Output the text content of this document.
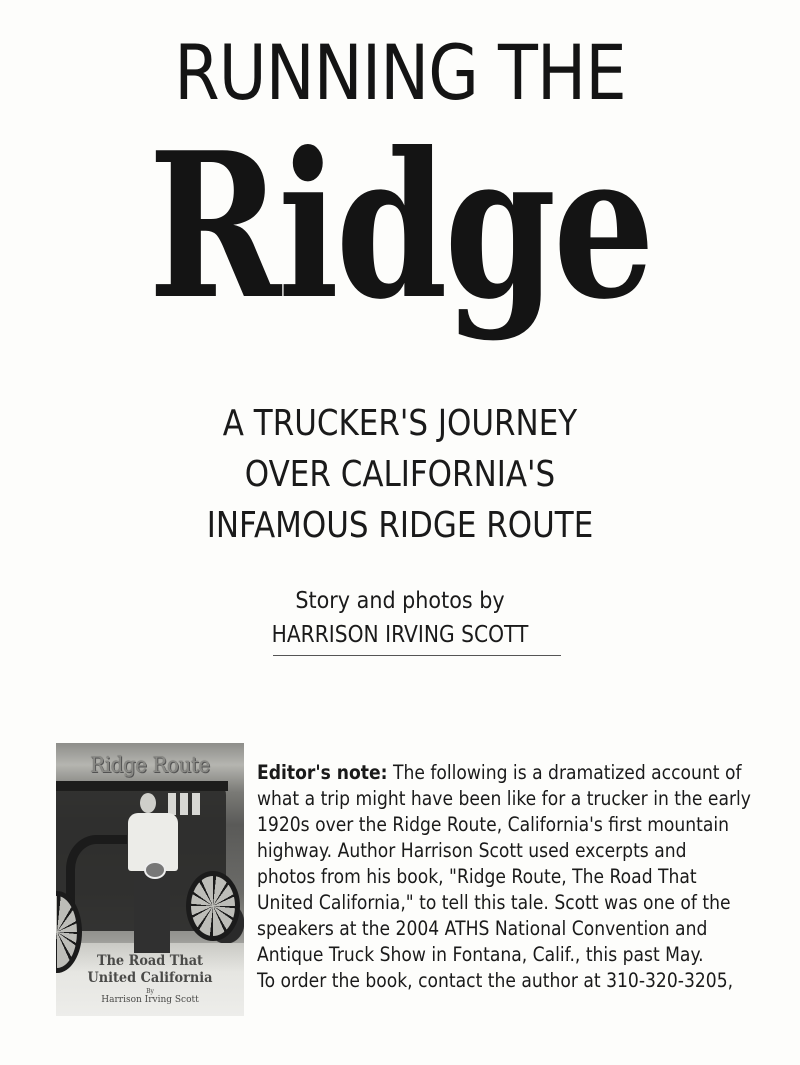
RUNNING THE
Ridge
A TRUCKER'S JOURNEY
OVER CALIFORNIA'S
INFAMOUS RIDGE ROUTE
Story and photos by
HARRISON IRVING SCOTT
Ridge Route
The Road That
United California
By
Harrison Irving Scott
Editor's note: The following is a dramatized account of
what a trip might have been like for a trucker in the early
1920s over the Ridge Route, California's first mountain
highway. Author Harrison Scott used excerpts and
photos from his book, "Ridge Route, The Road That
United California," to tell this tale. Scott was one of the
speakers at the 2004 ATHS National Convention and
Antique Truck Show in Fontana, Calif., this past May.
To order the book, contact the author at 310-320-3205,
